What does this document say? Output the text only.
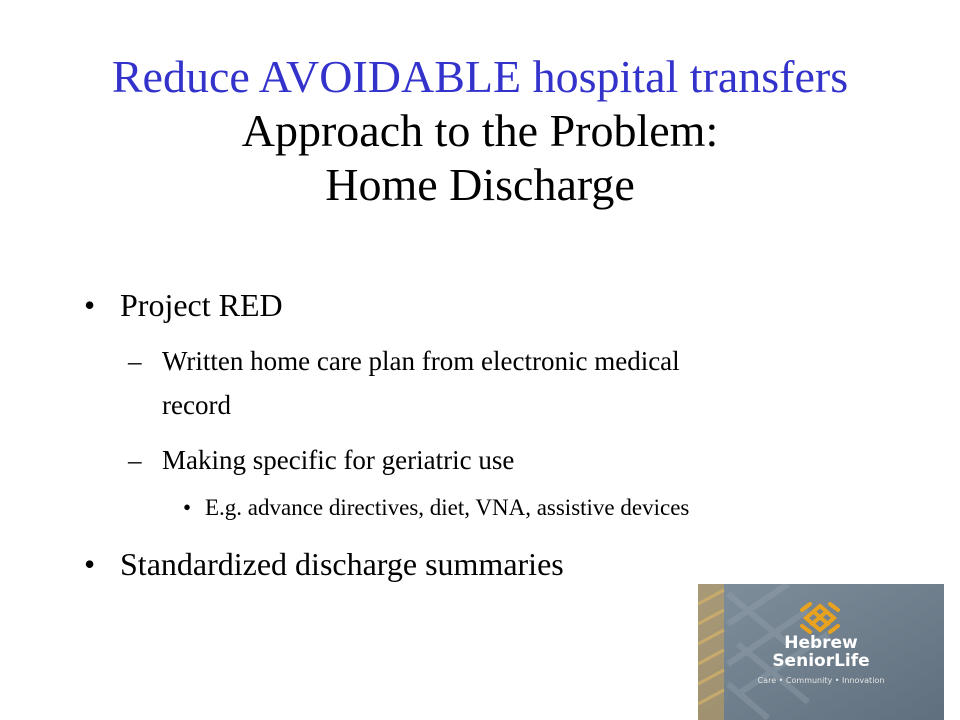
Reduce AVOIDABLE hospital transfers
Approach to the Problem:
Home Discharge
• Project RED
– Written home care plan from electronic medical
record
– Making specific for geriatric use
• E.g. advance directives, diet, VNA, assistive devices
• Standardized discharge summaries
Hebrew
SeniorLife
Care • Community • Innovation
